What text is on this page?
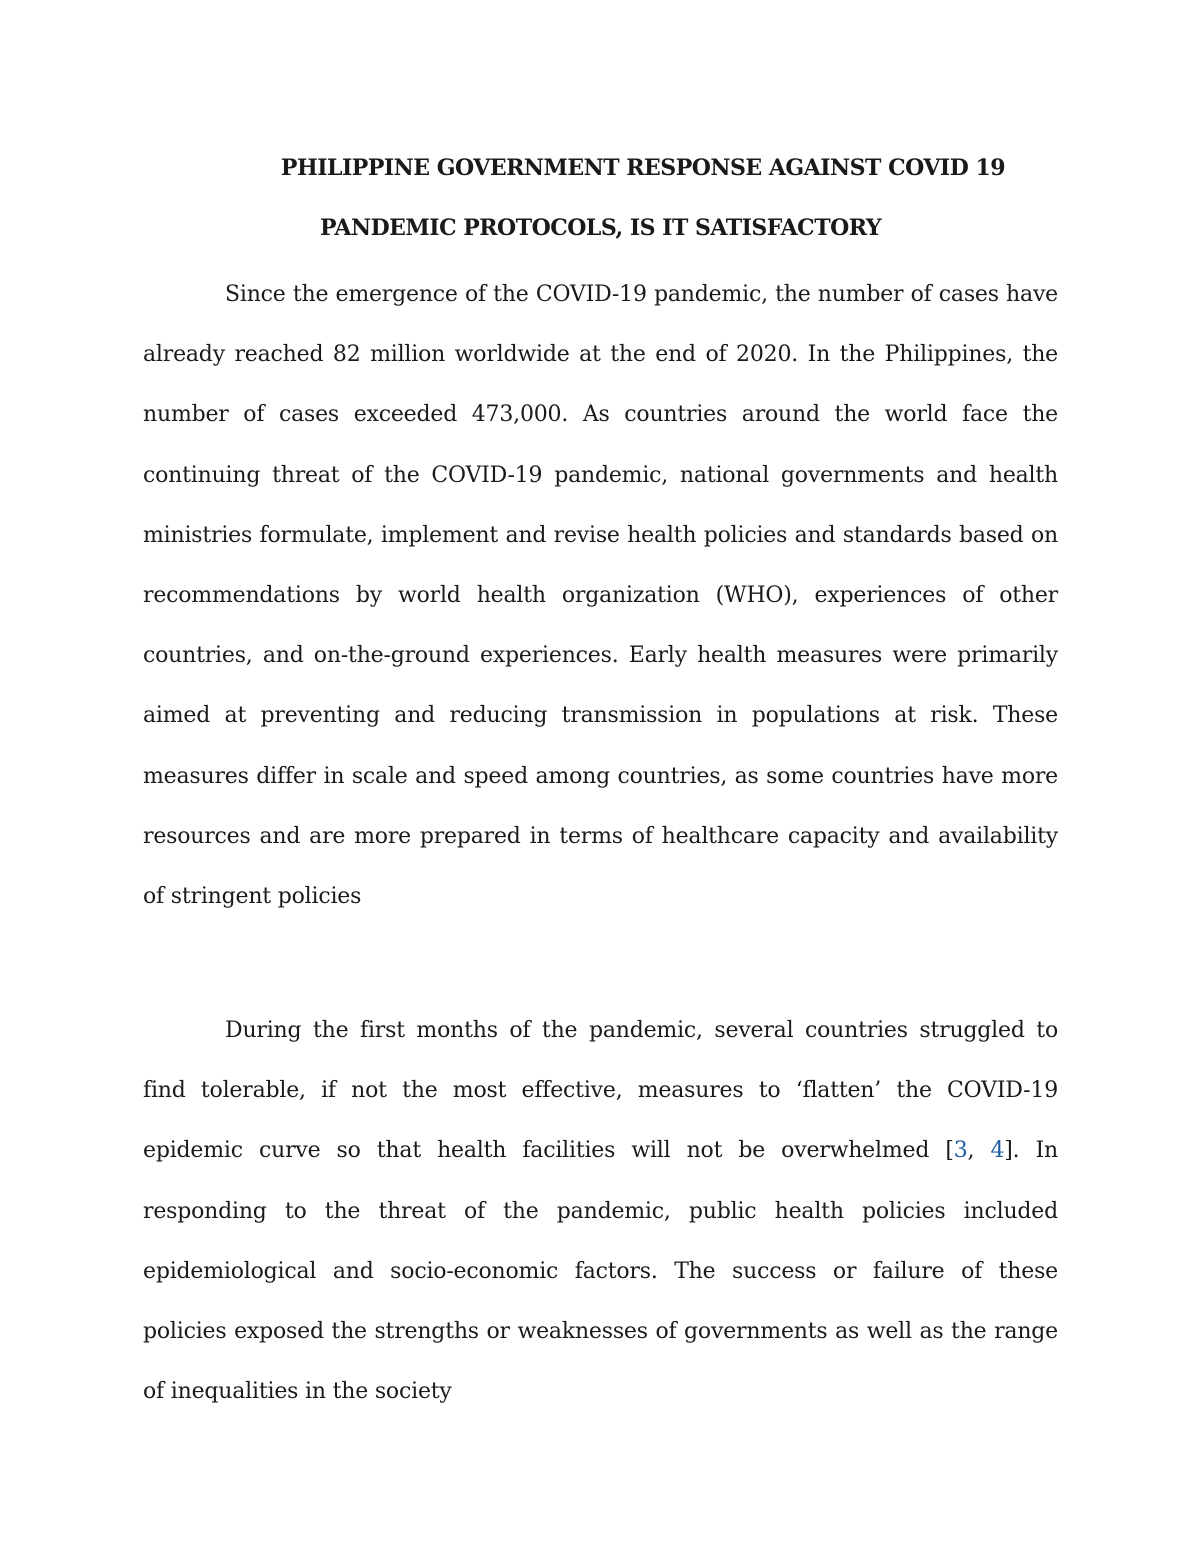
PHILIPPINE GOVERNMENT RESPONSE AGAINST COVID 19
PANDEMIC PROTOCOLS, IS IT SATISFACTORY

Since the emergence of the COVID-19 pandemic, the number of cases have already reached 82 million worldwide at the end of 2020. In the Philippines, the number of cases exceeded 473,000. As countries around the world face the continuing threat of the COVID-19 pandemic, national governments and health ministries formulate, implement and revise health policies and standards based on recommendations by world health organization (WHO), experiences of other countries, and on-the-ground experiences. Early health measures were primarily aimed at preventing and reducing transmission in populations at risk. These measures differ in scale and speed among countries, as some countries have more resources and are more prepared in terms of healthcare capacity and availability of stringent policies

During the first months of the pandemic, several countries struggled to find tolerable, if not the most effective, measures to ‘flatten’ the COVID-19 epidemic curve so that health facilities will not be overwhelmed [3, 4]. In responding to the threat of the pandemic, public health policies included epidemiological and socio-economic factors. The success or failure of these policies exposed the strengths or weaknesses of governments as well as the range of inequalities in the society
